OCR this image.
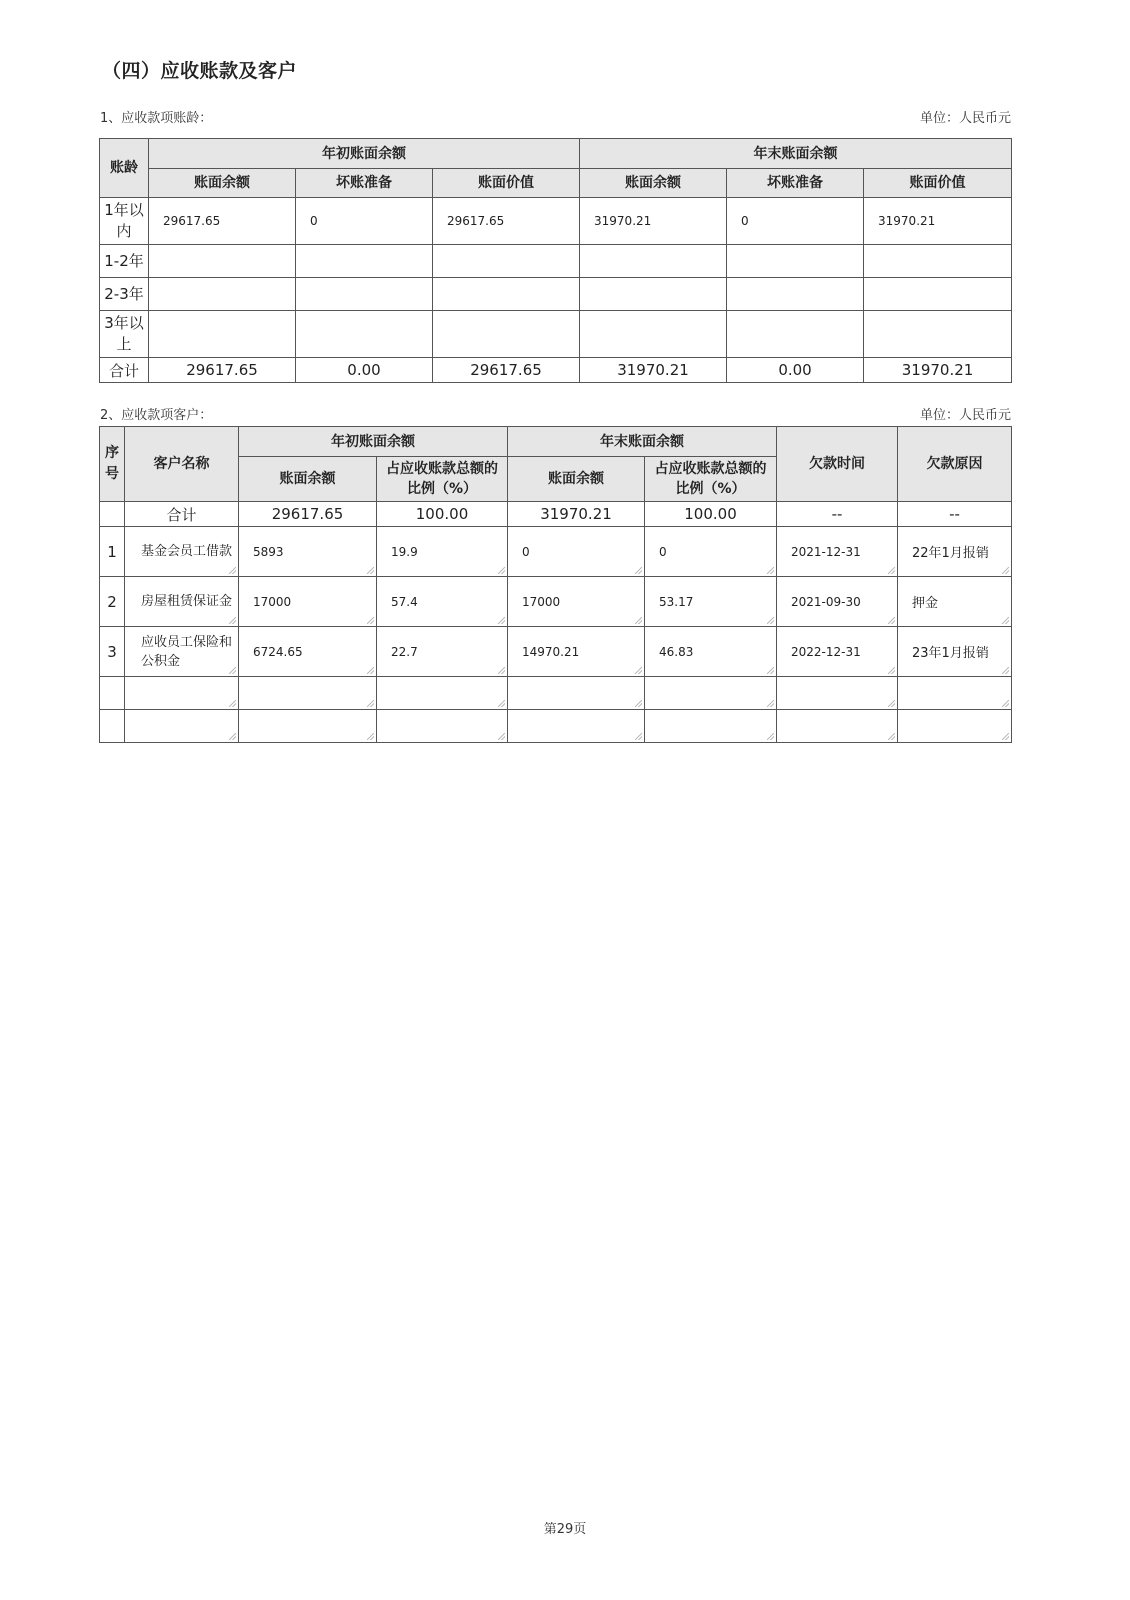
（四）应收账款及客户
1、应收款项账龄：	单位：人民币元
账龄	年初账面余额			年末账面余额		
	账面余额	坏账准备	账面价值	账面余额	坏账准备	账面价值
1年以内	29617.65	0	29617.65	31970.21	0	31970.21
1-2年						
2-3年						
3年以上						
合计	29617.65	0.00	29617.65	31970.21	0.00	31970.21
2、应收款项客户：	单位：人民币元
序号	客户名称	年初账面余额		年末账面余额		欠款时间	欠款原因
		账面余额	占应收账款总额的比例（%）	账面余额	占应收账款总额的比例（%）		
	合计	29617.65	100.00	31970.21	100.00	--	--
1	基金会员工借款	5893	19.9	0	0	2021-12-31	22年1月报销
2	房屋租赁保证金	17000	57.4	17000	53.17	2021-09-30	押金
3	应收员工保险和公积金	6724.65	22.7	14970.21	46.83	2022-12-31	23年1月报销

第29页
